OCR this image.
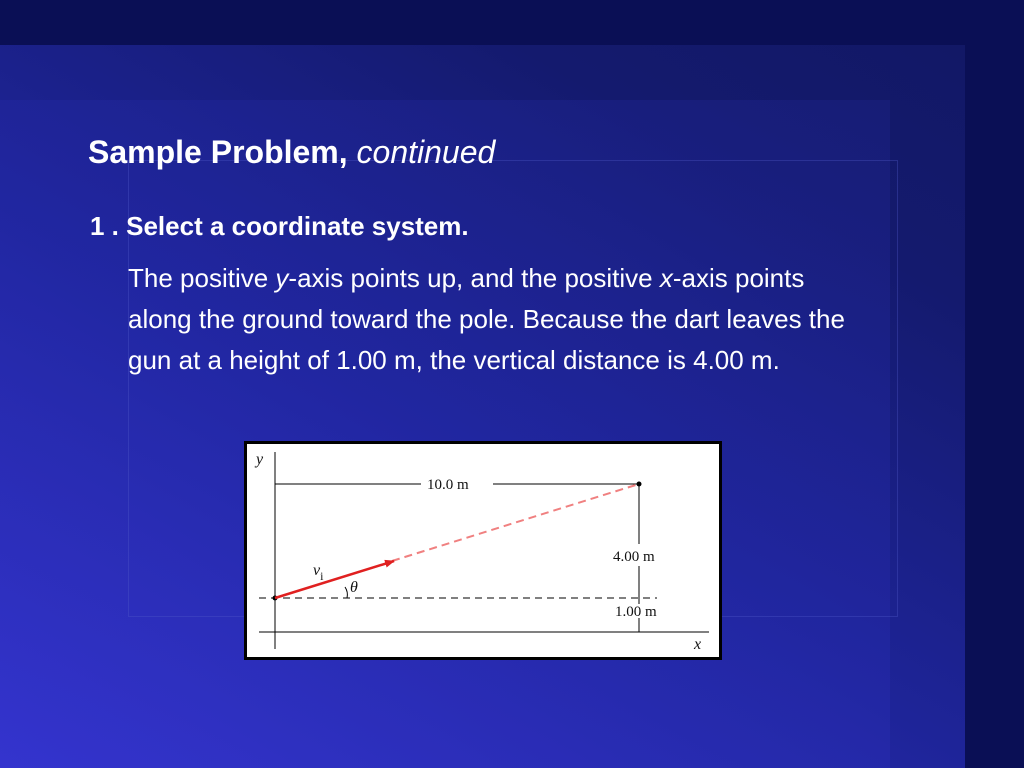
Sample Problem, continued

1 . Select a coordinate system.

The positive y-axis points up, and the positive x-axis points along the ground toward the pole. Because the dart leaves the gun at a height of 1.00 m, the vertical distance is 4.00 m.

y
x
10.0 m
4.00 m
1.00 m
$v_i$
θ
